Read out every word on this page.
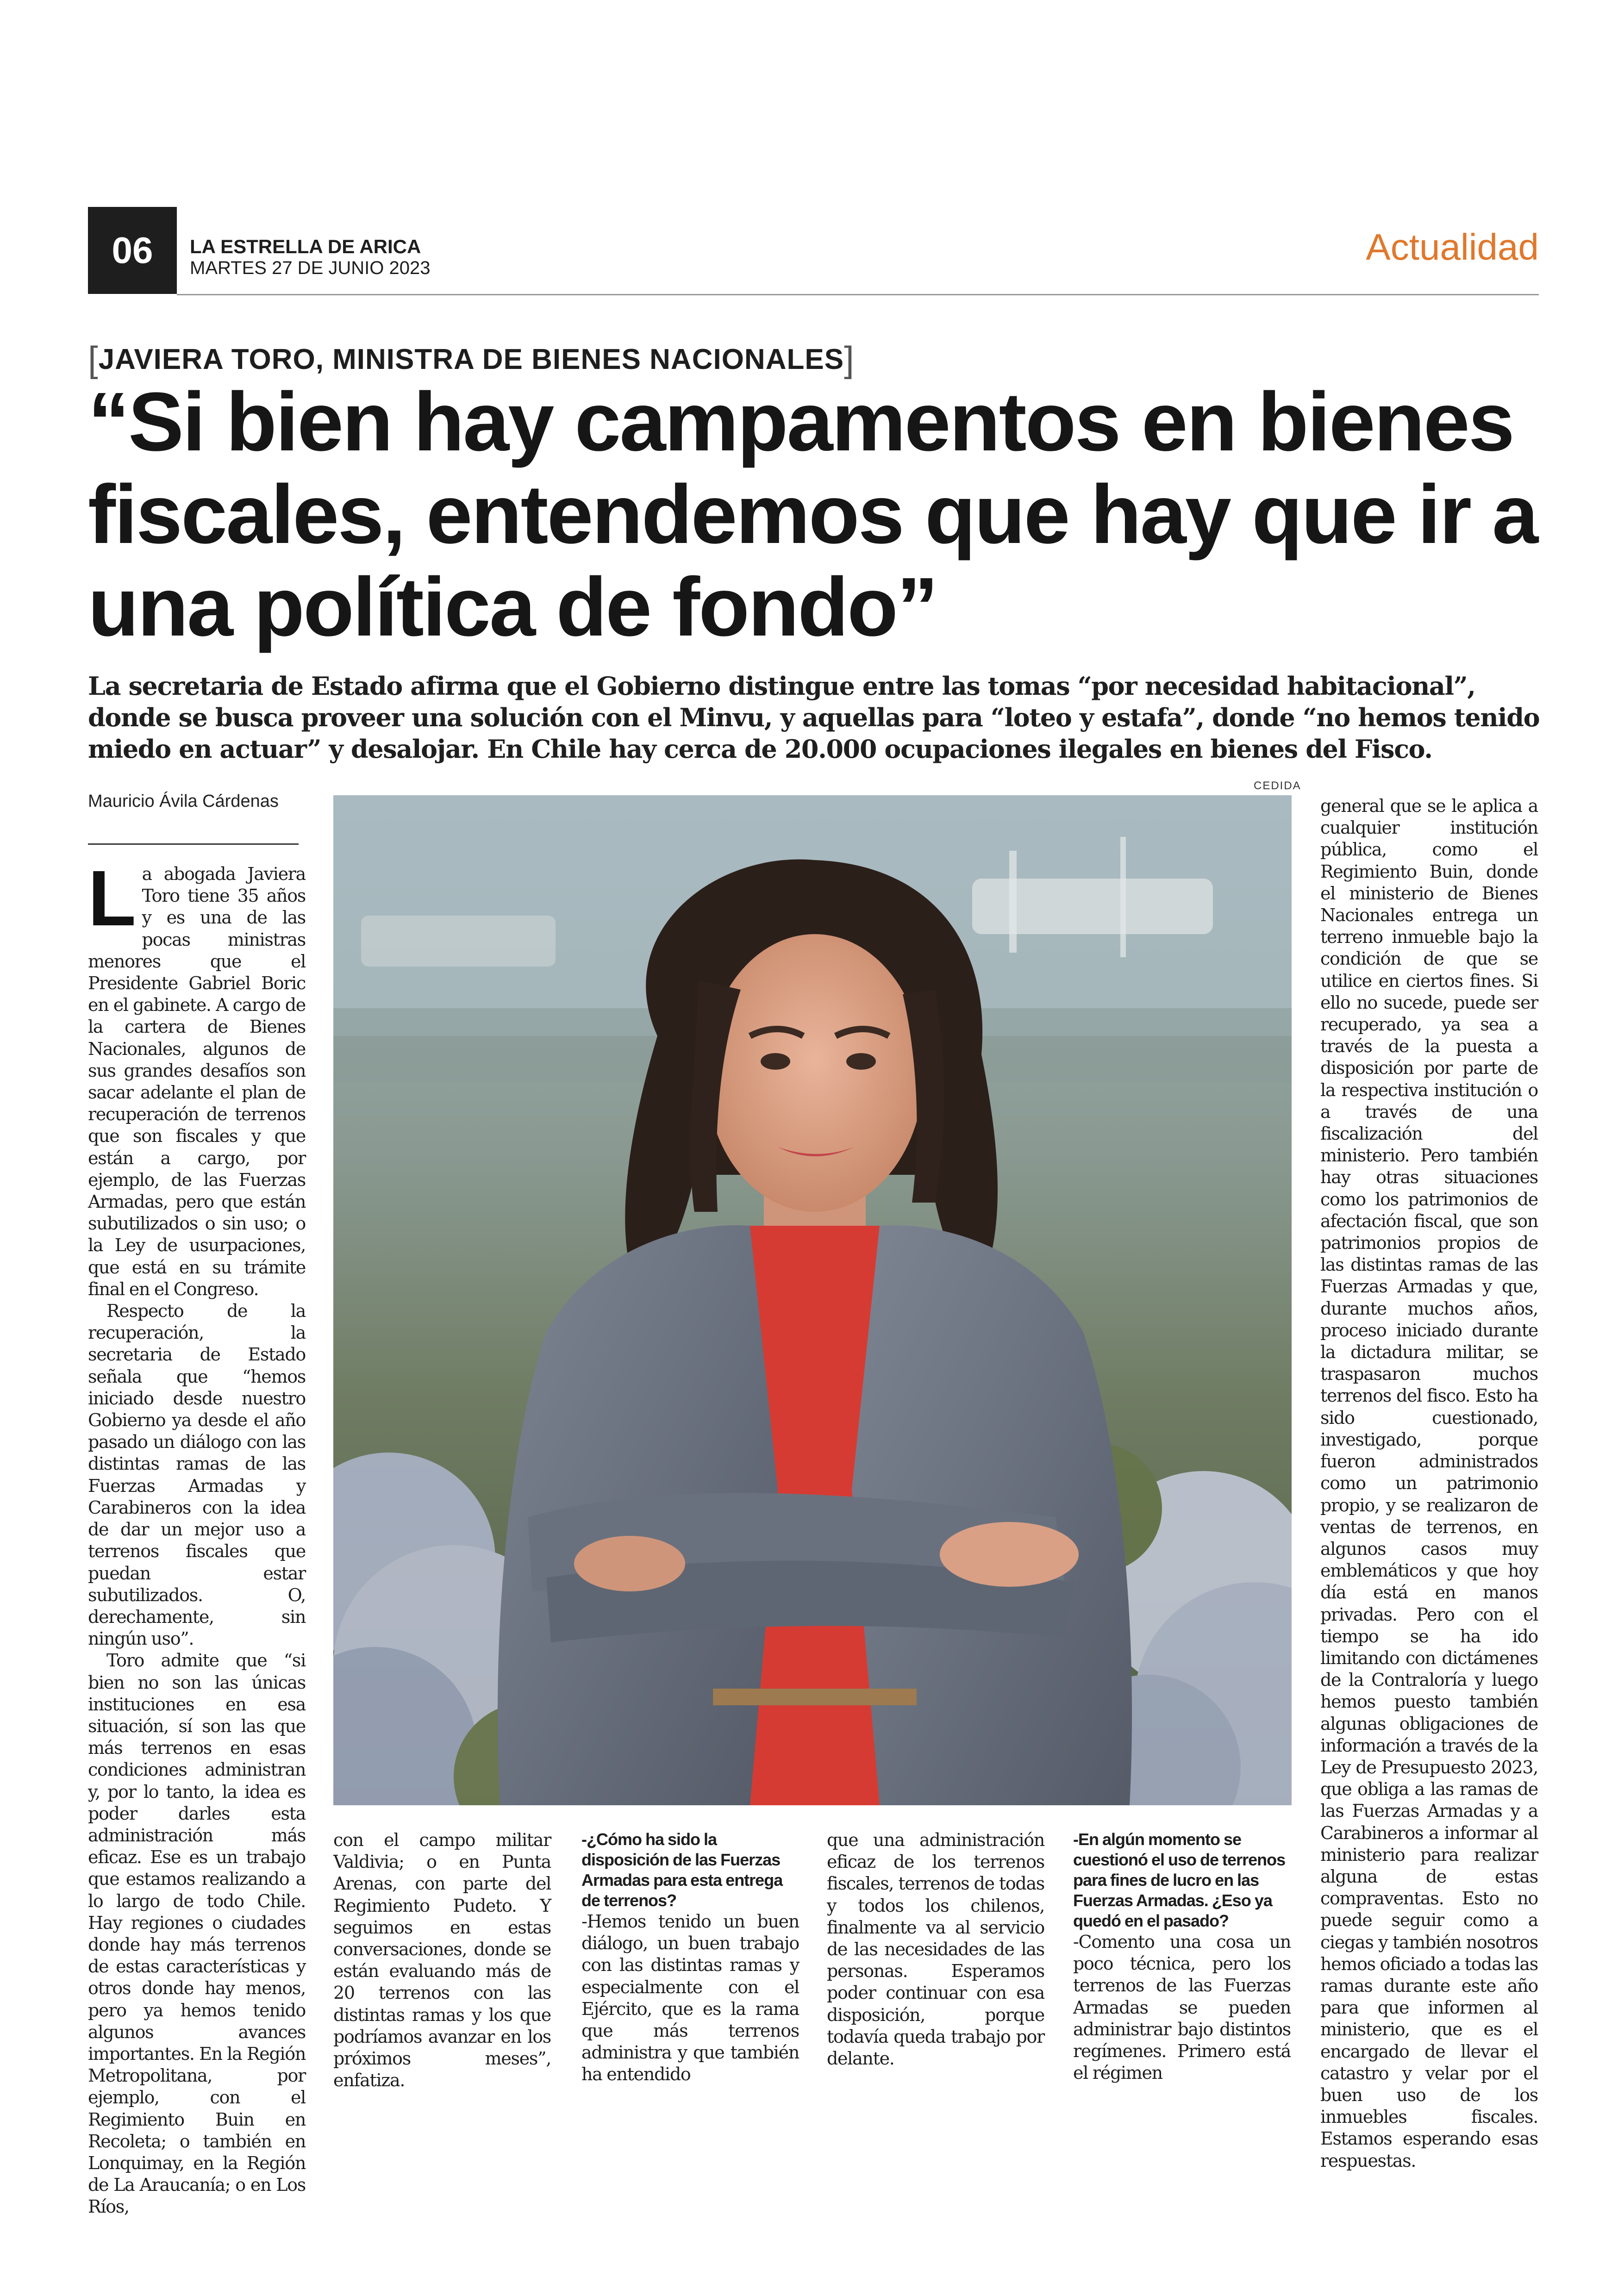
06	LA ESTRELLA DE ARICA
MARTES 27 DE JUNIO 2023
Actualidad
[JAVIERA TORO, MINISTRA DE BIENES NACIONALES]
“Si bien hay campamentos en bienes fiscales, entendemos que hay que ir a una política de fondo”
La secretaria de Estado afirma que el Gobierno distingue entre las tomas “por necesidad habitacional”, donde se busca proveer una solución con el Minvu, y aquellas para “loteo y estafa”, donde “no hemos tenido miedo en actuar” y desalojar. En Chile hay cerca de 20.000 ocupaciones ilegales en bienes del Fisco.
Mauricio Ávila Cárdenas
CEDIDA
L a abogada Javiera Toro tiene 35 años y es una de las pocas ministras menores que el Presidente Gabriel Boric en el gabinete. A cargo de la cartera de Bienes Nacionales, algunos de sus grandes desafíos son sacar adelante el plan de recuperación de terrenos que son fiscales y que están a cargo, por ejemplo, de las Fuerzas Armadas, pero que están subutilizados o sin uso; o la Ley de usurpaciones, que está en su trámite final en el Congreso.

Respecto de la recuperación, la secretaria de Estado señala que “hemos iniciado desde nuestro Gobierno ya desde el año pasado un diálogo con las distintas ramas de las Fuerzas Armadas y Carabineros con la idea de dar un mejor uso a terrenos fiscales que puedan estar subutilizados. O, derechamente, sin ningún uso”.

Toro admite que “si bien no son las únicas instituciones en esa situación, sí son las que más terrenos en esas condiciones administran y, por lo tanto, la idea es poder darles esta administración más eficaz. Ese es un trabajo que estamos realizando a lo largo de todo Chile. Hay regiones o ciudades donde hay más terrenos de estas características y otros donde hay menos, pero ya hemos tenido algunos avances importantes. En la Región Metropolitana, por ejemplo, con el Regimiento Buin en Recoleta; o también en Lonquimay, en la Región de La Araucanía; o en Los Ríos,

con el campo militar Valdivia; o en Punta Arenas, con parte del Regimiento Pudeto. Y seguimos en estas conversaciones, donde se están evaluando más de 20 terrenos con las distintas ramas y los que podríamos avanzar en los próximos meses”, enfatiza.

-¿Cómo ha sido la disposición de las Fuerzas Armadas para esta entrega de terrenos?

-Hemos tenido un buen diálogo, un buen trabajo con las distintas ramas y especialmente con el Ejército, que es la rama que más terrenos administra y que también ha entendido

que una administración eficaz de los terrenos fiscales, terrenos de todas y todos los chilenos, finalmente va al servicio de las necesidades de las personas. Esperamos poder continuar con esa disposición, porque todavía queda trabajo por delante.

-En algún momento se cuestionó el uso de terrenos para fines de lucro en las Fuerzas Armadas. ¿Eso ya quedó en el pasado?

-Comento una cosa un poco técnica, pero los terrenos de las Fuerzas Armadas se pueden administrar bajo distintos regímenes. Primero está el régimen

general que se le aplica a cualquier institución pública, como el Regimiento Buin, donde el ministerio de Bienes Nacionales entrega un terreno inmueble bajo la condición de que se utilice en ciertos fines. Si ello no sucede, puede ser recuperado, ya sea a través de la puesta a disposición por parte de la respectiva institución o a través de una fiscalización del ministerio. Pero también hay otras situaciones como los patrimonios de afectación fiscal, que son patrimonios propios de las distintas ramas de las Fuerzas Armadas y que, durante muchos años, proceso iniciado durante la dictadura militar, se traspasaron muchos terrenos del fisco. Esto ha sido cuestionado, investigado, porque fueron administrados como un patrimonio propio, y se realizaron de ventas de terrenos, en algunos casos muy emblemáticos y que hoy día está en manos privadas. Pero con el tiempo se ha ido limitando con dictámenes de la Contraloría y luego hemos puesto también algunas obligaciones de información a través de la Ley de Presupuesto 2023, que obliga a las ramas de las Fuerzas Armadas y a Carabineros a informar al ministerio para realizar alguna de estas compraventas. Esto no puede seguir como a ciegas y también nosotros hemos oficiado a todas las ramas durante este año para que informen al ministerio, que es el encargado de llevar el catastro y velar por el buen uso de los inmuebles fiscales. Estamos esperando esas respuestas.
